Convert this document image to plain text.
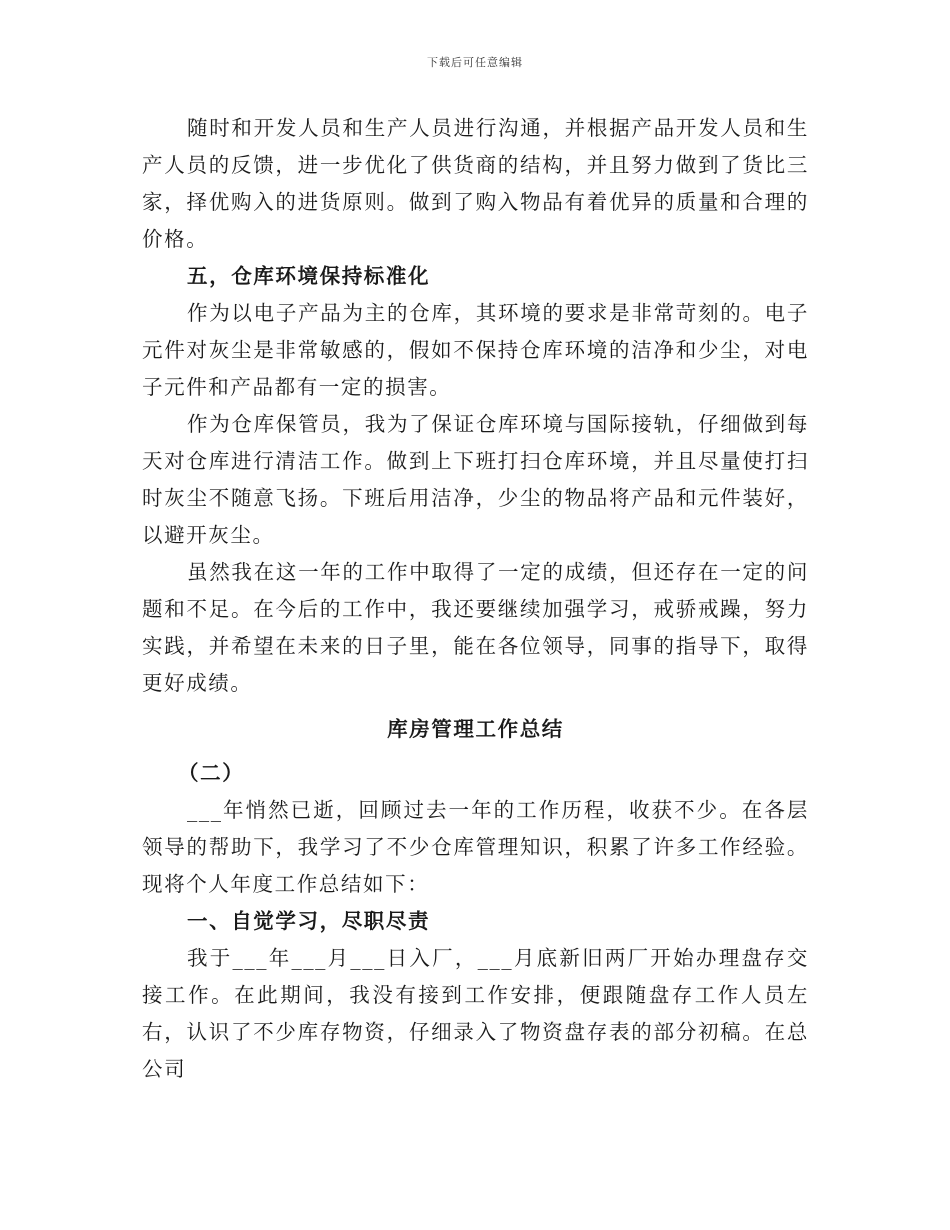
下载后可任意编辑

随时和开发人员和生产人员进行沟通，并根据产品开发人员和生产人员的反馈，进一步优化了供货商的结构，并且努力做到了货比三家，择优购入的进货原则。做到了购入物品有着优异的质量和合理的价格。

五，仓库环境保持标准化

作为以电子产品为主的仓库，其环境的要求是非常苛刻的。电子元件对灰尘是非常敏感的，假如不保持仓库环境的洁净和少尘，对电子元件和产品都有一定的损害。

作为仓库保管员，我为了保证仓库环境与国际接轨，仔细做到每天对仓库进行清洁工作。做到上下班打扫仓库环境，并且尽量使打扫时灰尘不随意飞扬。下班后用洁净，少尘的物品将产品和元件装好，以避开灰尘。

虽然我在这一年的工作中取得了一定的成绩，但还存在一定的问题和不足。在今后的工作中，我还要继续加强学习，戒骄戒躁，努力实践，并希望在未来的日子里，能在各位领导，同事的指导下，取得更好成绩。

库房管理工作总结

（二）

___年悄然已逝，回顾过去一年的工作历程，收获不少。在各层领导的帮助下，我学习了不少仓库管理知识，积累了许多工作经验。现将个人年度工作总结如下：

一、自觉学习，尽职尽责

我于___年___月___日入厂，___月底新旧两厂开始办理盘存交接工作。在此期间，我没有接到工作安排，便跟随盘存工作人员左右，认识了不少库存物资，仔细录入了物资盘存表的部分初稿。在总公司
